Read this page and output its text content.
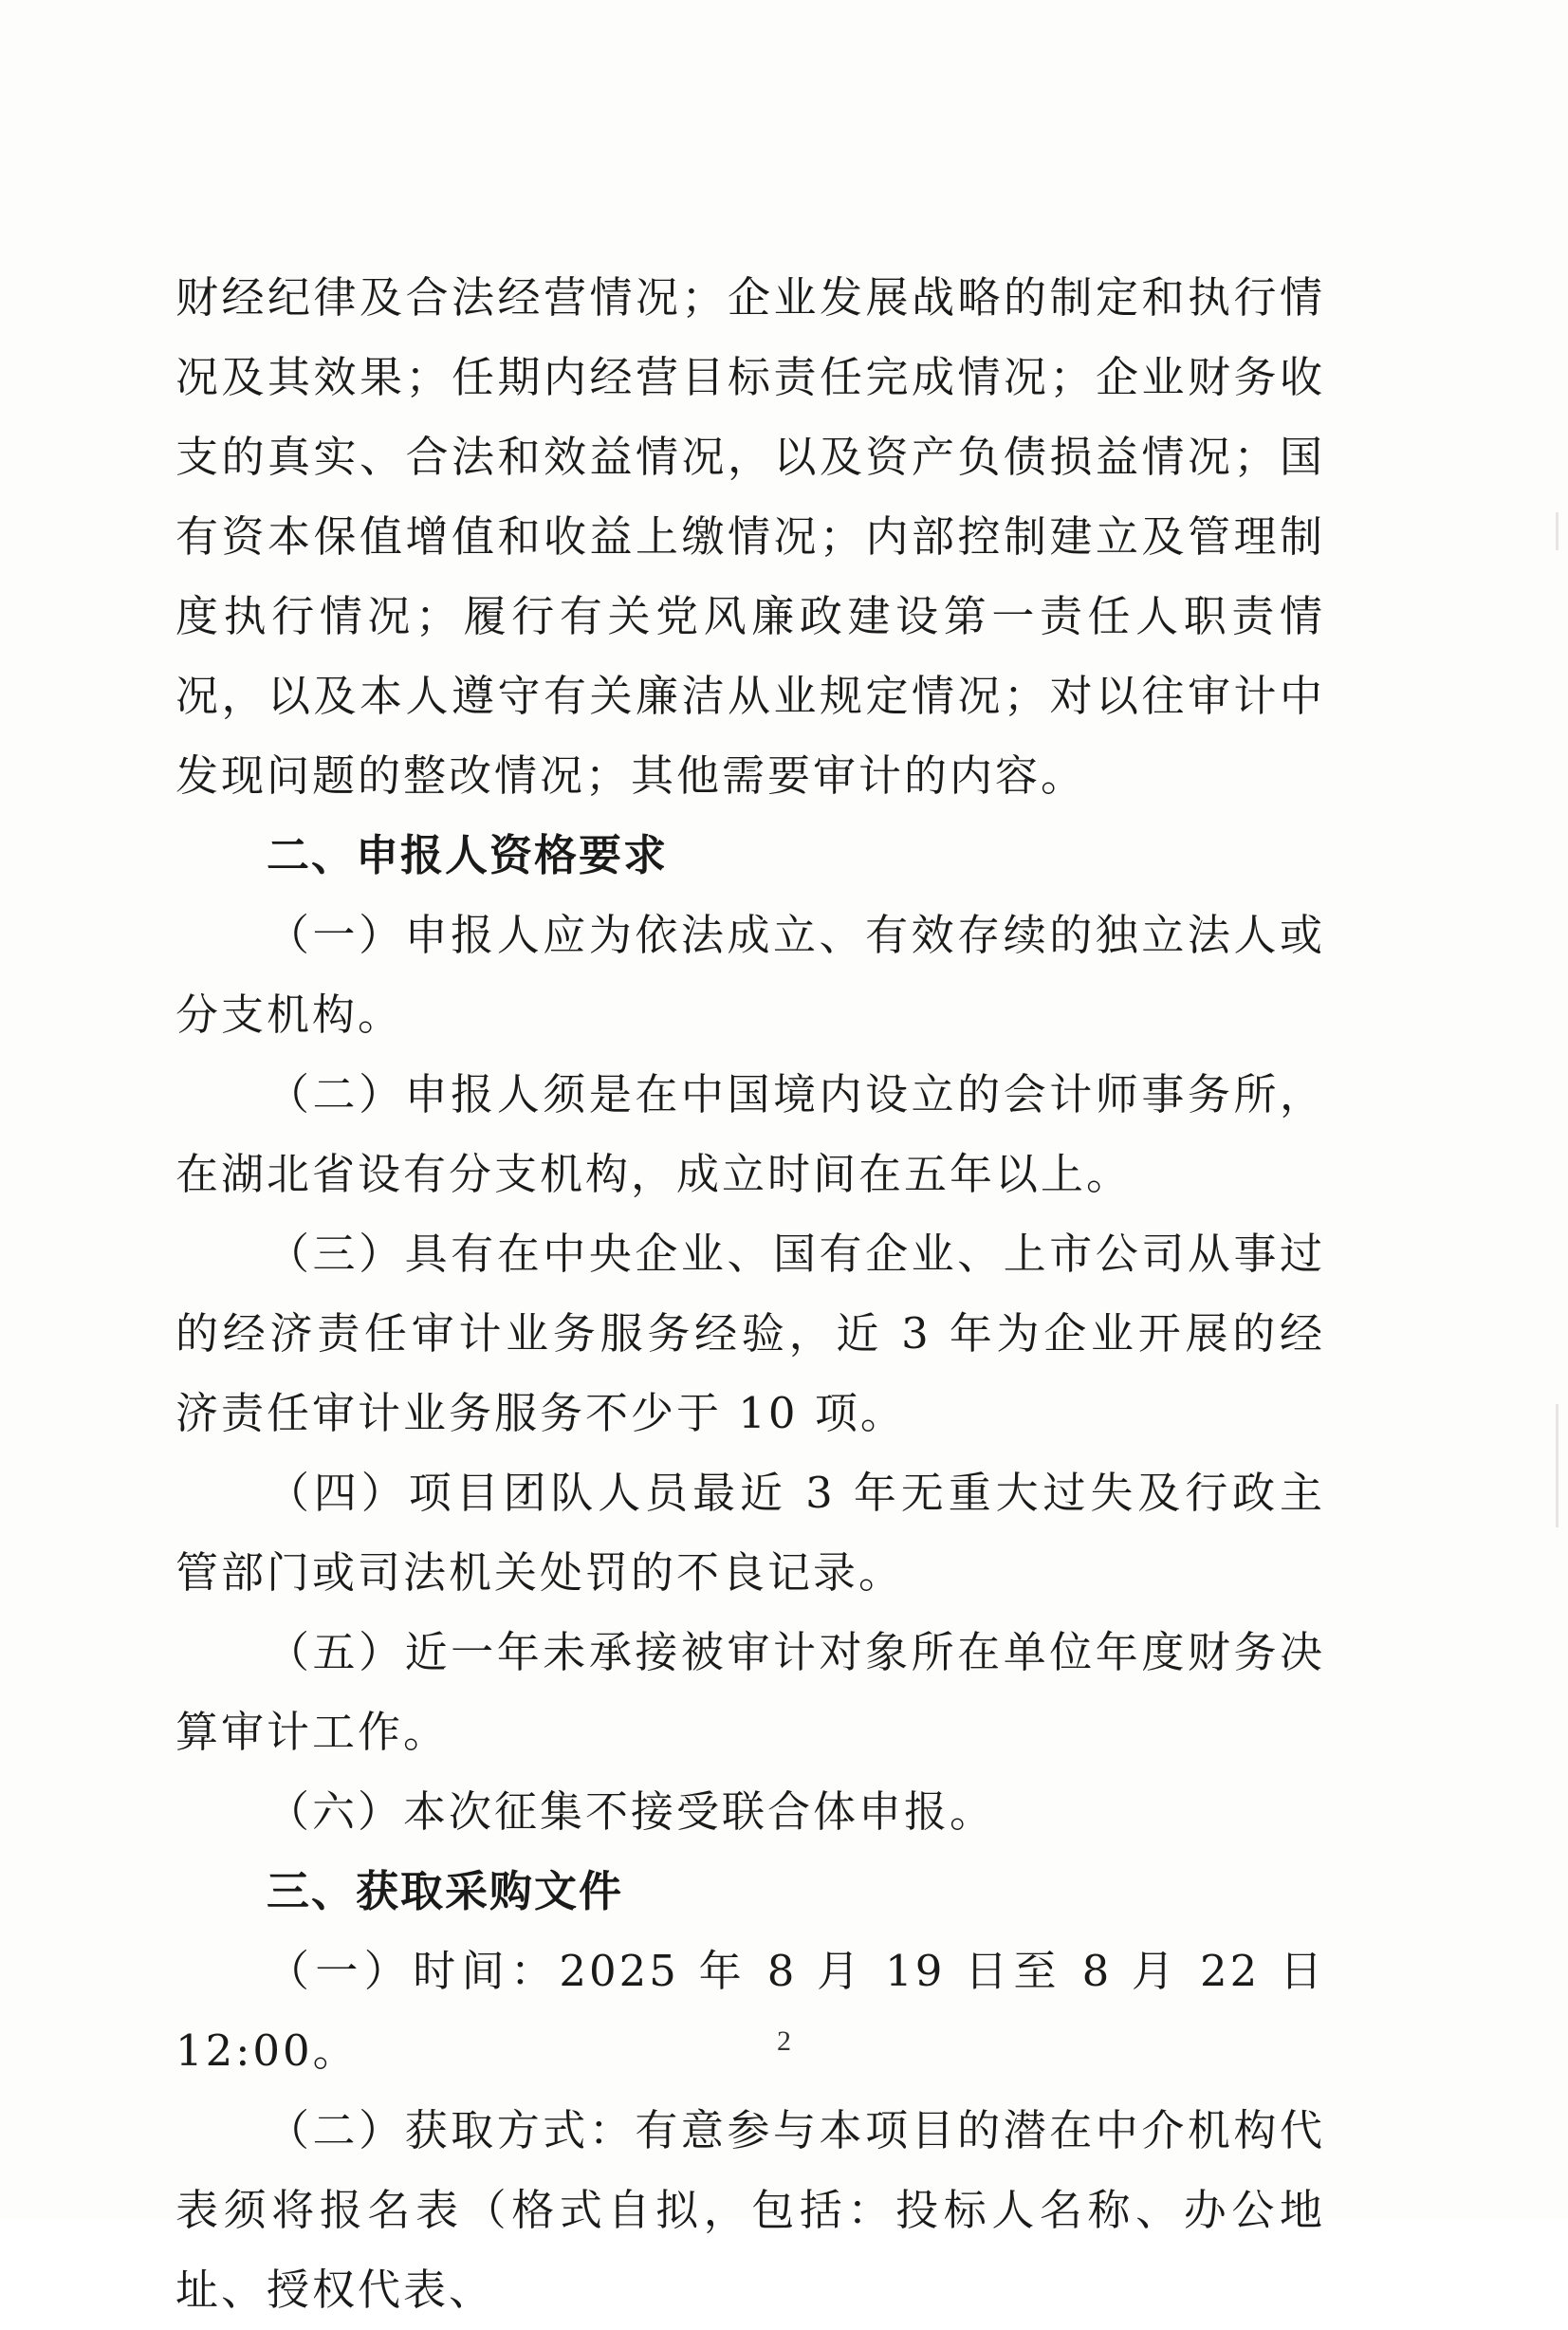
财经纪律及合法经营情况；企业发展战略的制定和执行情况及其效果；任期内经营目标责任完成情况；企业财务收支的真实、合法和效益情况，以及资产负债损益情况；国有资本保值增值和收益上缴情况；内部控制建立及管理制度执行情况；履行有关党风廉政建设第一责任人职责情况，以及本人遵守有关廉洁从业规定情况；对以往审计中发现问题的整改情况；其他需要审计的内容。

二、申报人资格要求

（一）申报人应为依法成立、有效存续的独立法人或分支机构。

（二）申报人须是在中国境内设立的会计师事务所，在湖北省设有分支机构，成立时间在五年以上。

（三）具有在中央企业、国有企业、上市公司从事过的经济责任审计业务服务经验，近 3 年为企业开展的经济责任审计业务服务不少于 10 项。

（四）项目团队人员最近 3 年无重大过失及行政主管部门或司法机关处罚的不良记录。

（五）近一年未承接被审计对象所在单位年度财务决算审计工作。

（六）本次征集不接受联合体申报。

三、获取采购文件

（一）时间：2025 年 8 月 19 日至 8 月 22 日 12:00。

（二）获取方式：有意参与本项目的潜在中介机构代表须将报名表（格式自拟，包括：投标人名称、办公地址、授权代表、

2
